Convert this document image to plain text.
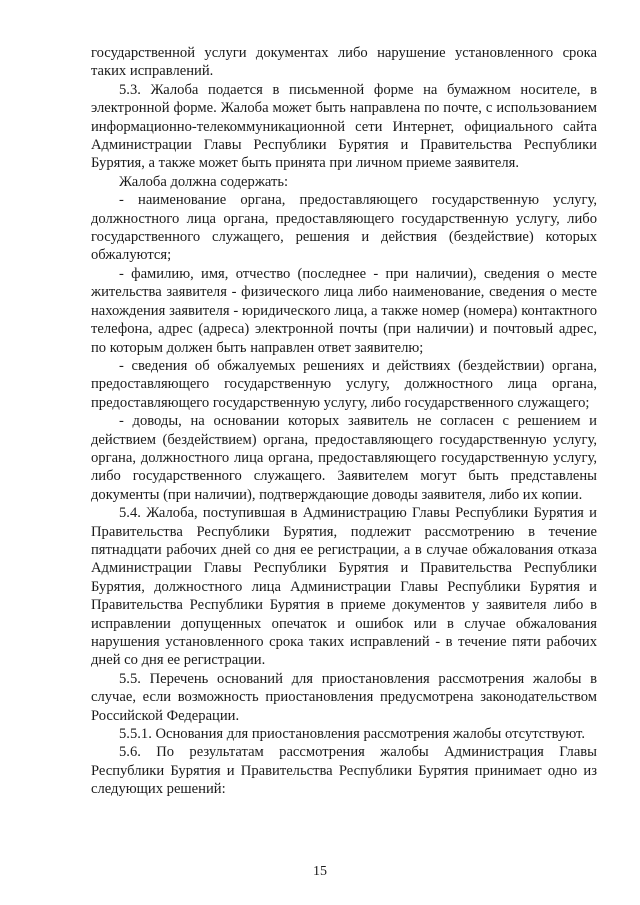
государственной услуги документах либо нарушение установленного срока таких исправлений.

5.3. Жалоба подается в письменной форме на бумажном носителе, в электронной форме. Жалоба может быть направлена по почте, с использованием информационно-телекоммуникационной сети Интернет, официального сайта Администрации Главы Республики Бурятия и Правительства Республики Бурятия, а также может быть принята при личном приеме заявителя.

Жалоба должна содержать:

- наименование органа, предоставляющего государственную услугу, должностного лица органа, предоставляющего государственную услугу, либо государственного служащего, решения и действия (бездействие) которых обжалуются;

- фамилию, имя, отчество (последнее - при наличии), сведения о месте жительства заявителя - физического лица либо наименование, сведения о месте нахождения заявителя - юридического лица, а также номер (номера) контактного телефона, адрес (адреса) электронной почты (при наличии) и почтовый адрес, по которым должен быть направлен ответ заявителю;

- сведения об обжалуемых решениях и действиях (бездействии) органа, предоставляющего государственную услугу, должностного лица органа, предоставляющего государственную услугу, либо государственного служащего;

- доводы, на основании которых заявитель не согласен с решением и действием (бездействием) органа, предоставляющего государственную услугу, органа, должностного лица органа, предоставляющего государственную услугу, либо государственного служащего. Заявителем могут быть представлены документы (при наличии), подтверждающие доводы заявителя, либо их копии.

5.4. Жалоба, поступившая в Администрацию Главы Республики Бурятия и Правительства Республики Бурятия, подлежит рассмотрению в течение пятнадцати рабочих дней со дня ее регистрации, а в случае обжалования отказа Администрации Главы Республики Бурятия и Правительства Республики Бурятия, должностного лица Администрации Главы Республики Бурятия и Правительства Республики Бурятия в приеме документов у заявителя либо в исправлении допущенных опечаток и ошибок или в случае обжалования нарушения установленного срока таких исправлений - в течение пяти рабочих дней со дня ее регистрации.

5.5. Перечень оснований для приостановления рассмотрения жалобы в случае, если возможность приостановления предусмотрена законодательством Российской Федерации.

5.5.1. Основания для приостановления рассмотрения жалобы отсутствуют.

5.6. По результатам рассмотрения жалобы Администрация Главы Республики Бурятия и Правительства Республики Бурятия принимает одно из следующих решений:

15
